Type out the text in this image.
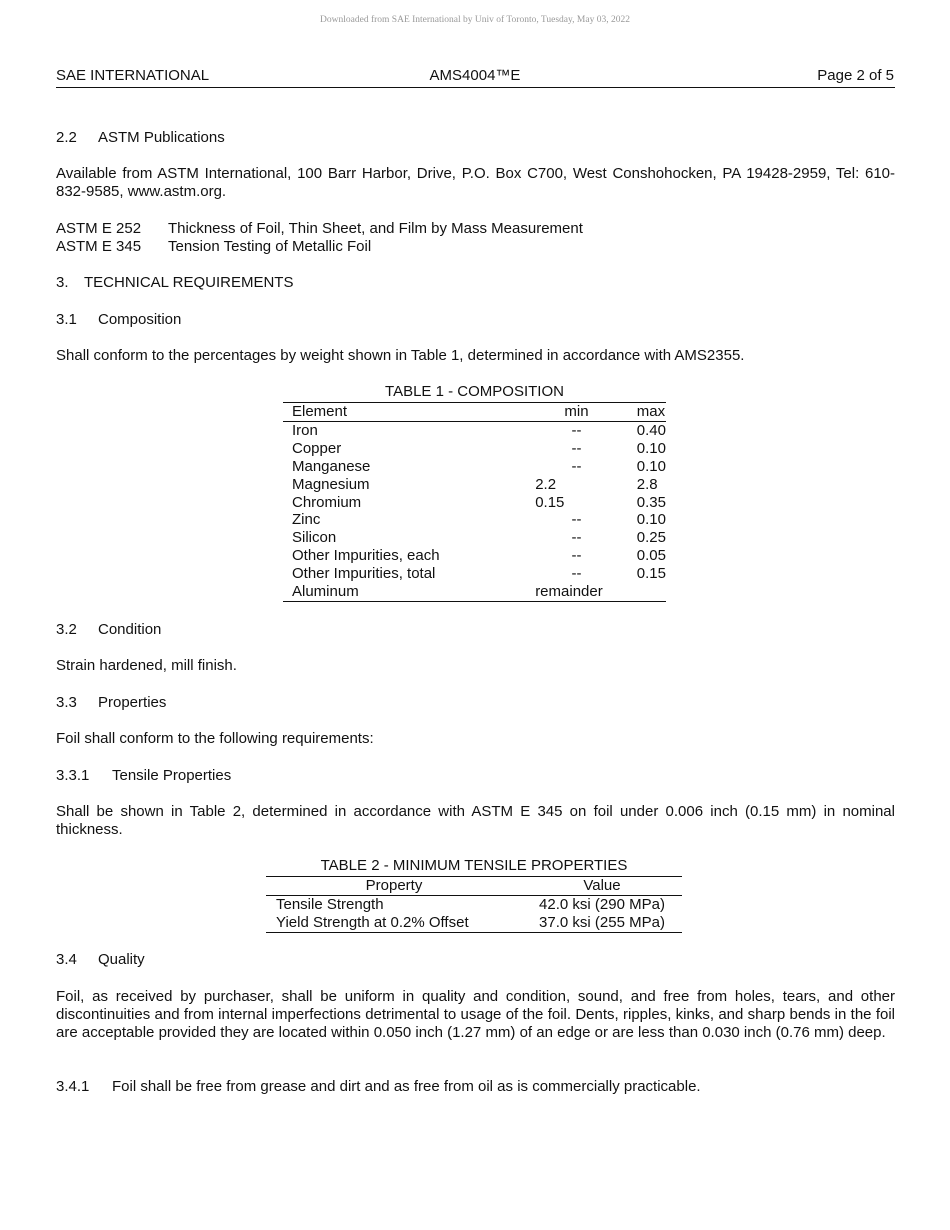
Downloaded from SAE International by Univ of Toronto, Tuesday, May 03, 2022
SAE INTERNATIONAL	AMS4004™E	Page 2 of 5
2.2 ASTM Publications
Available from ASTM International, 100 Barr Harbor, Drive, P.O. Box C700, West Conshohocken, PA 19428-2959, Tel: 610-832-9585, www.astm.org.
ASTM E 252 Thickness of Foil, Thin Sheet, and Film by Mass Measurement
ASTM E 345 Tension Testing of Metallic Foil
3. TECHNICAL REQUIREMENTS
3.1 Composition
Shall conform to the percentages by weight shown in Table 1, determined in accordance with AMS2355.
TABLE 1 - COMPOSITION
Element	min	max
Iron	--	0.40
Copper	--	0.10
Manganese	--	0.10
Magnesium	2.2	2.8
Chromium	0.15	0.35
Zinc	--	0.10
Silicon	--	0.25
Other Impurities, each	--	0.05
Other Impurities, total	--	0.15
Aluminum	remainder	
3.2 Condition
Strain hardened, mill finish.
3.3 Properties
Foil shall conform to the following requirements:
3.3.1 Tensile Properties
Shall be shown in Table 2, determined in accordance with ASTM E 345 on foil under 0.006 inch (0.15 mm) in nominal thickness.
TABLE 2 - MINIMUM TENSILE PROPERTIES
Property	Value
Tensile Strength	42.0 ksi (290 MPa)
Yield Strength at 0.2% Offset	37.0 ksi (255 MPa)
3.4 Quality
Foil, as received by purchaser, shall be uniform in quality and condition, sound, and free from holes, tears, and other discontinuities and from internal imperfections detrimental to usage of the foil. Dents, ripples, kinks, and sharp bends in the foil are acceptable provided they are located within 0.050 inch (1.27 mm) of an edge or are less than 0.030 inch (0.76 mm) deep.
3.4.1 Foil shall be free from grease and dirt and as free from oil as is commercially practicable.
